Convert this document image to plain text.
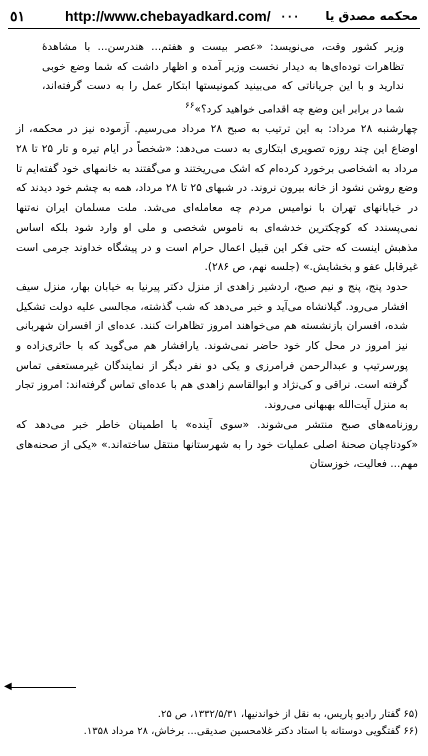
٥١	http://www.chebayadkard.com/ ٠٠٠ محکمه مصدق یا

وزیر کشور وقت، می‌نویسد: «عصر بیست و هفتم... هندرسن... با مشاهدهٔ تظاهرات توده‌ای‌ها به دیدار نخست وزیر آمده و اظهار داشت که شما وضع خوبی ندارید و با این جریاناتی که می‌بینید کمونیستها ابتکار عمل را به دست گرفته‌اند، شما در برابر این وضع چه اقدامی خواهید کرد؟»$^{۶۶}$

چهارشنبه ۲۸ مرداد: به این ترتیب به صبح ۲۸ مرداد می‌رسیم. آزموده نیز در محکمه، از اوضاع این چند روزه تصویری ابتکاری به دست می‌دهد: «شخصاً در ایام تیره و تار ۲۵ تا ۲۸ مرداد به اشخاصی برخورد کرده‌ام که اشک می‌ریختند و می‌گفتند به خانمهای خود گفته‌ایم تا وضع روشن نشود از خانه بیرون نروند. در شبهای ۲۵ تا ۲۸ مرداد، همه به چشم خود دیدند که در خیابانهای تهران با نوامیس مردم چه معامله‌ای می‌شد. ملت مسلمان ایران نه‌تنها نمی‌پسندد که کوچکترین خدشه‌ای به ناموس شخصی و ملی او وارد شود بلکه اساس مذهبش اینست که حتی فکر این قبیل اعمال حرام است و در پیشگاه خداوند جرمی است غیرقابل عفو و بخشایش.» (جلسه نهم، ص ۲۸۶).

حدود پنج، پنج و نیم صبح، اردشیر زاهدی از منزل دکتر پیرنیا به خیابان بهار، منزل سیف افشار می‌رود. گیلانشاه می‌آید و خبر می‌دهد که شب گذشته، مجالسی علیه دولت تشکیل شده، افسران بازنشسته هم می‌خواهند امروز تظاهرات کنند. عده‌ای از افسران شهربانی نیز امروز در محل کار خود حاضر نمی‌شوند. یارافشار هم می‌گوید که با حائری‌زاده و پورسرتیپ و عبدالرحمن فرامرزی و یکی دو نفر دیگر از نمایندگان غیرمستعفی تماس گرفته است. نراقی و کی‌نژاد و ابوالقاسم زاهدی هم با عده‌ای تماس گرفته‌اند: امروز تجار به منزل آیت‌الله بهبهانی می‌روند.

روزنامه‌های صبح منتشر می‌شوند. «سوی آینده» با اطمینان خاطر خبر می‌دهد که «کودتاچیان صحنهٔ اصلی عملیات خود را به شهرستانها منتقل ساخته‌اند.» «یکی از صحنه‌های مهم... فعالیت، خوزستان

◀

(۶۵ گفتار رادیو پاریس، به نقل از خواندنیها، ۱۳۳۲/۵/۳۱، ص ۲۵.

(۶۶ گفتگویی دوستانه با استاد دکتر غلامحسین صدیقی... برخاش، ۲۸ مرداد ۱۳۵۸.
